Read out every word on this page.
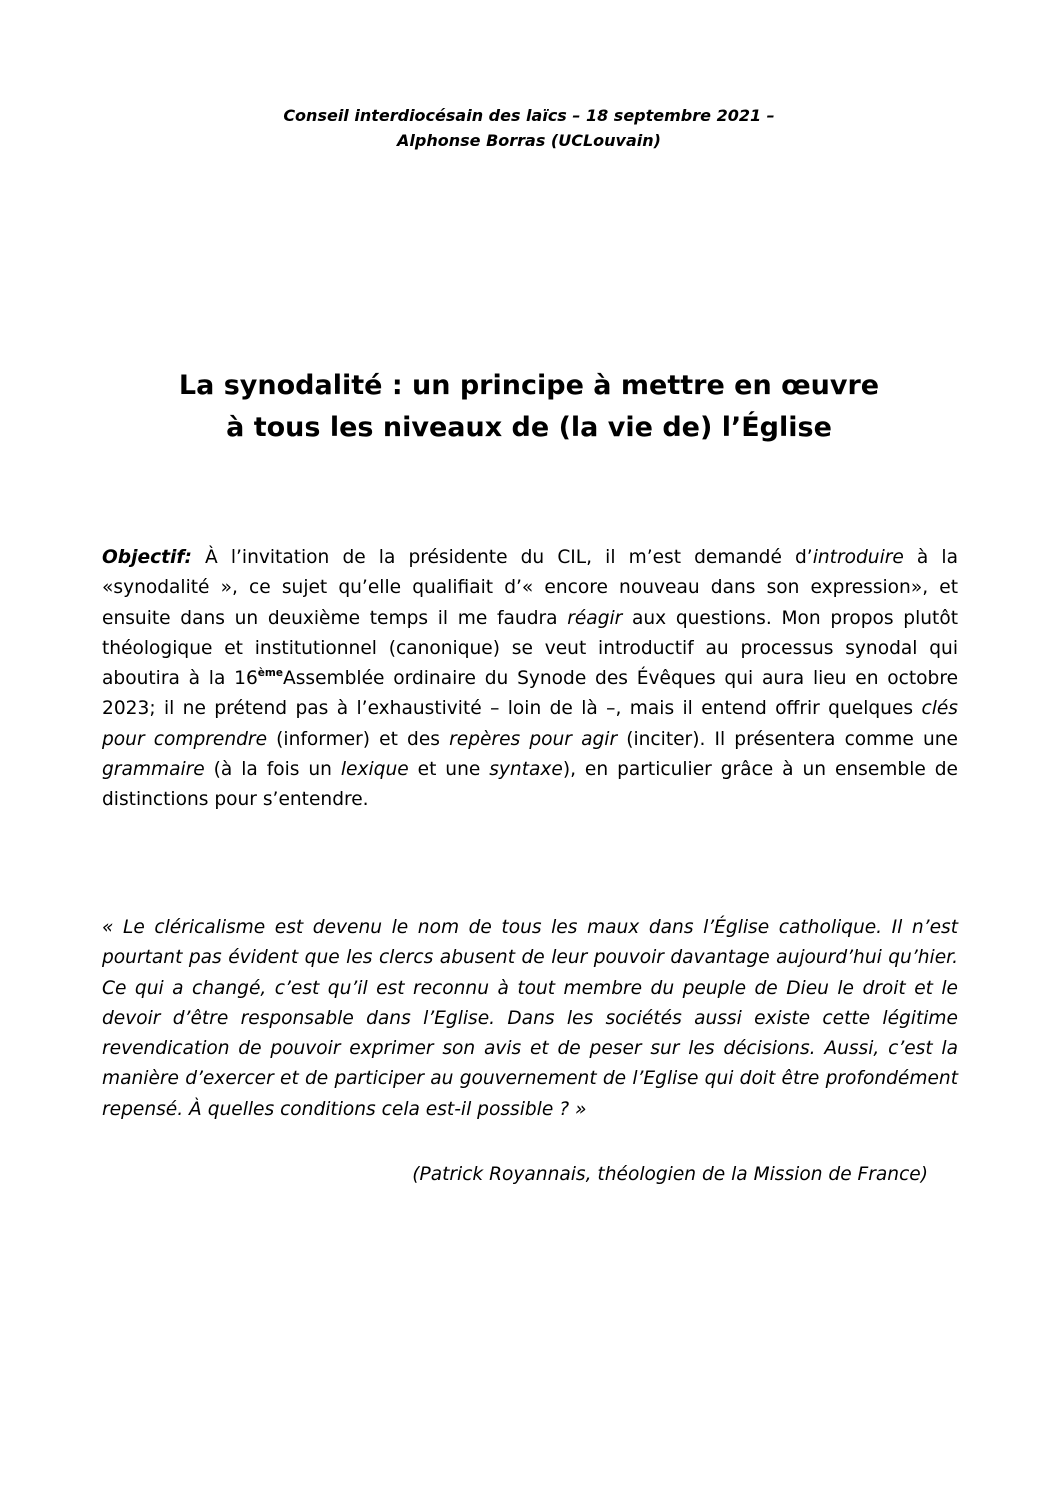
Conseil interdiocésain des laïcs – 18 septembre 2021 –
Alphonse Borras (UCLouvain)
La synodalité : un principe à mettre en œuvre
à tous les niveaux de (la vie de) l’Église
Objectif: À l’invitation de la présidente du CIL, il m’est demandé d’introduire à la «synodalité », ce sujet qu’elle qualifiait d’« encore nouveau dans son expression», et ensuite dans un deuxième temps il me faudra réagir aux questions. Mon propos plutôt théologique et institutionnel (canonique) se veut introductif au processus synodal qui aboutira à la 16èmeAssemblée ordinaire du Synode des Évêques qui aura lieu en octobre 2023; il ne prétend pas à l’exhaustivité – loin de là –, mais il entend offrir quelques clés pour comprendre (informer) et des repères pour agir (inciter). Il présentera comme une grammaire (à la fois un lexique et une syntaxe), en particulier grâce à un ensemble de distinctions pour s’entendre.
« Le cléricalisme est devenu le nom de tous les maux dans l’Église catholique. Il n’est pourtant pas évident que les clercs abusent de leur pouvoir davantage aujourd’hui qu’hier. Ce qui a changé, c’est qu’il est reconnu à tout membre du peuple de Dieu le droit et le devoir d’être responsable dans l’Eglise. Dans les sociétés aussi existe cette légitime revendication de pouvoir exprimer son avis et de peser sur les décisions. Aussi, c’est la manière d’exercer et de participer au gouvernement de l’Eglise qui doit être profondément repensé. À quelles conditions cela est-il possible ? »
(Patrick Royannais, théologien de la Mission de France)
